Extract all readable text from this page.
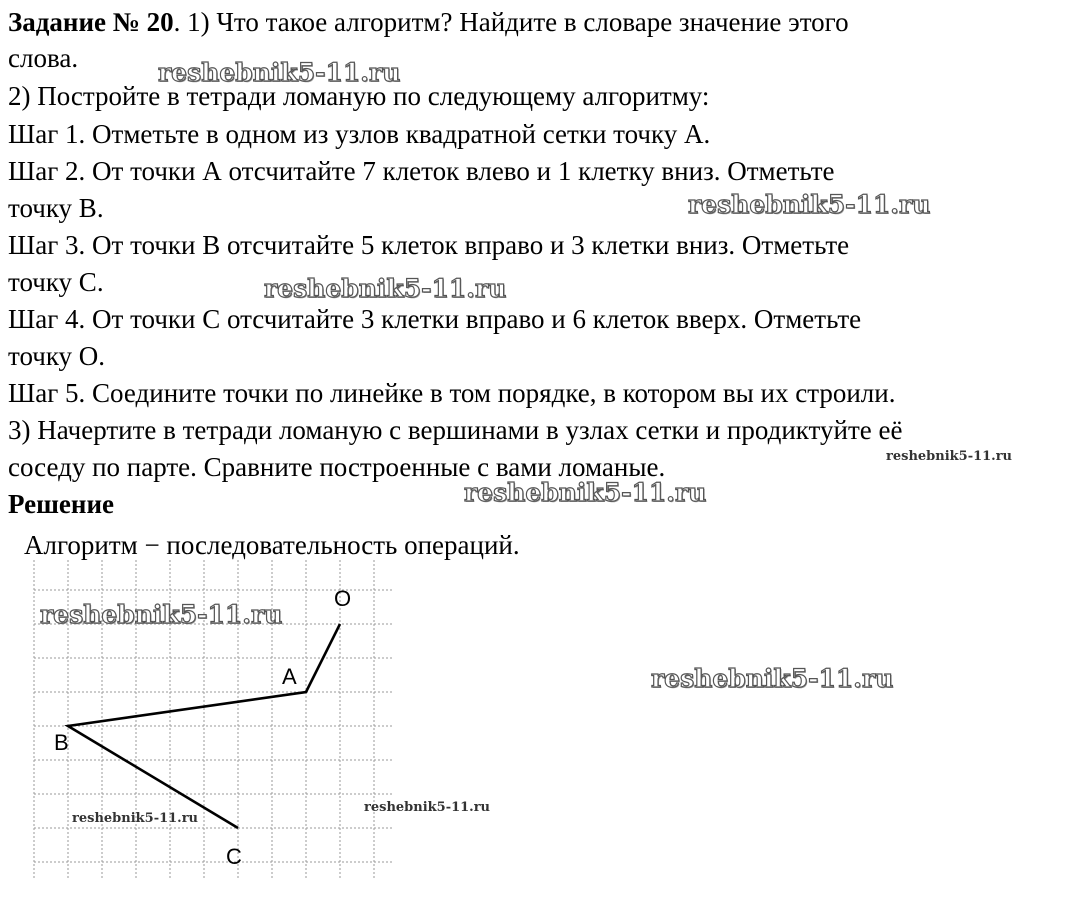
Задание № 20. 1) Что такое алгоритм? Найдите в словаре значение этого
слова.
2) Постройте в тетради ломаную по следующему алгоритму:
Шаг 1. Отметьте в одном из узлов квадратной сетки точку А.
Шаг 2. От точки А отсчитайте 7 клеток влево и 1 клетку вниз. Отметьте
точку В.
Шаг 3. От точки В отсчитайте 5 клеток вправо и 3 клетки вниз. Отметьте
точку С.
Шаг 4. От точки С отсчитайте 3 клетки вправо и 6 клеток вверх. Отметьте
точку О.
Шаг 5. Соедините точки по линейке в том порядке, в котором вы их строили.
3) Начертите в тетради ломаную с вершинами в узлах сетки и продиктуйте её
соседу по парте. Сравните построенные с вами ломаные.
Решение
Алгоритм − последовательность операций.
A
B
C
O
reshebnik5-11.ru
reshebnik5-11.ru
reshebnik5-11.ru
reshebnik5-11.ru
reshebnik5-11.ru
reshebnik5-11.ru
reshebnik5-11.ru
reshebnik5-11.ru
reshebnik5-11.ru
